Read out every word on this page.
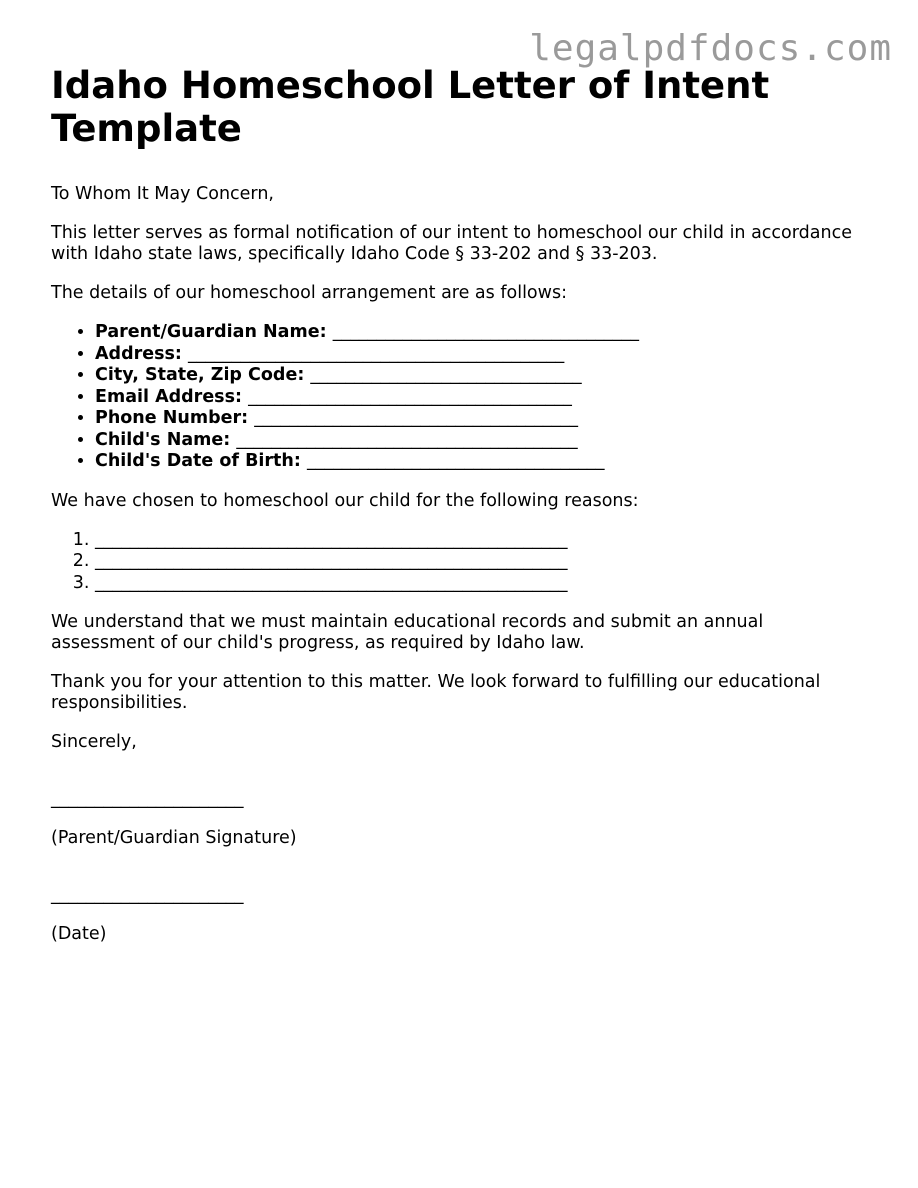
legalpdfdocs.com
Idaho Homeschool Letter of Intent Template

To Whom It May Concern,

This letter serves as formal notification of our intent to homeschool our child in accordance with Idaho state laws, specifically Idaho Code § 33-202 and § 33-203.

The details of our homeschool arrangement are as follows:

• Parent/Guardian Name: ___________________________________
• Address: ___________________________________________
• City, State, Zip Code: _______________________________
• Email Address: _____________________________________
• Phone Number: _____________________________________
• Child's Name: _______________________________________
• Child's Date of Birth: __________________________________

We have chosen to homeschool our child for the following reasons:

1. ______________________________________________________
2. ______________________________________________________
3. ______________________________________________________

We understand that we must maintain educational records and submit an annual assessment of our child's progress, as required by Idaho law.

Thank you for your attention to this matter. We look forward to fulfilling our educational responsibilities.

Sincerely,

______________________

(Parent/Guardian Signature)

______________________

(Date)
